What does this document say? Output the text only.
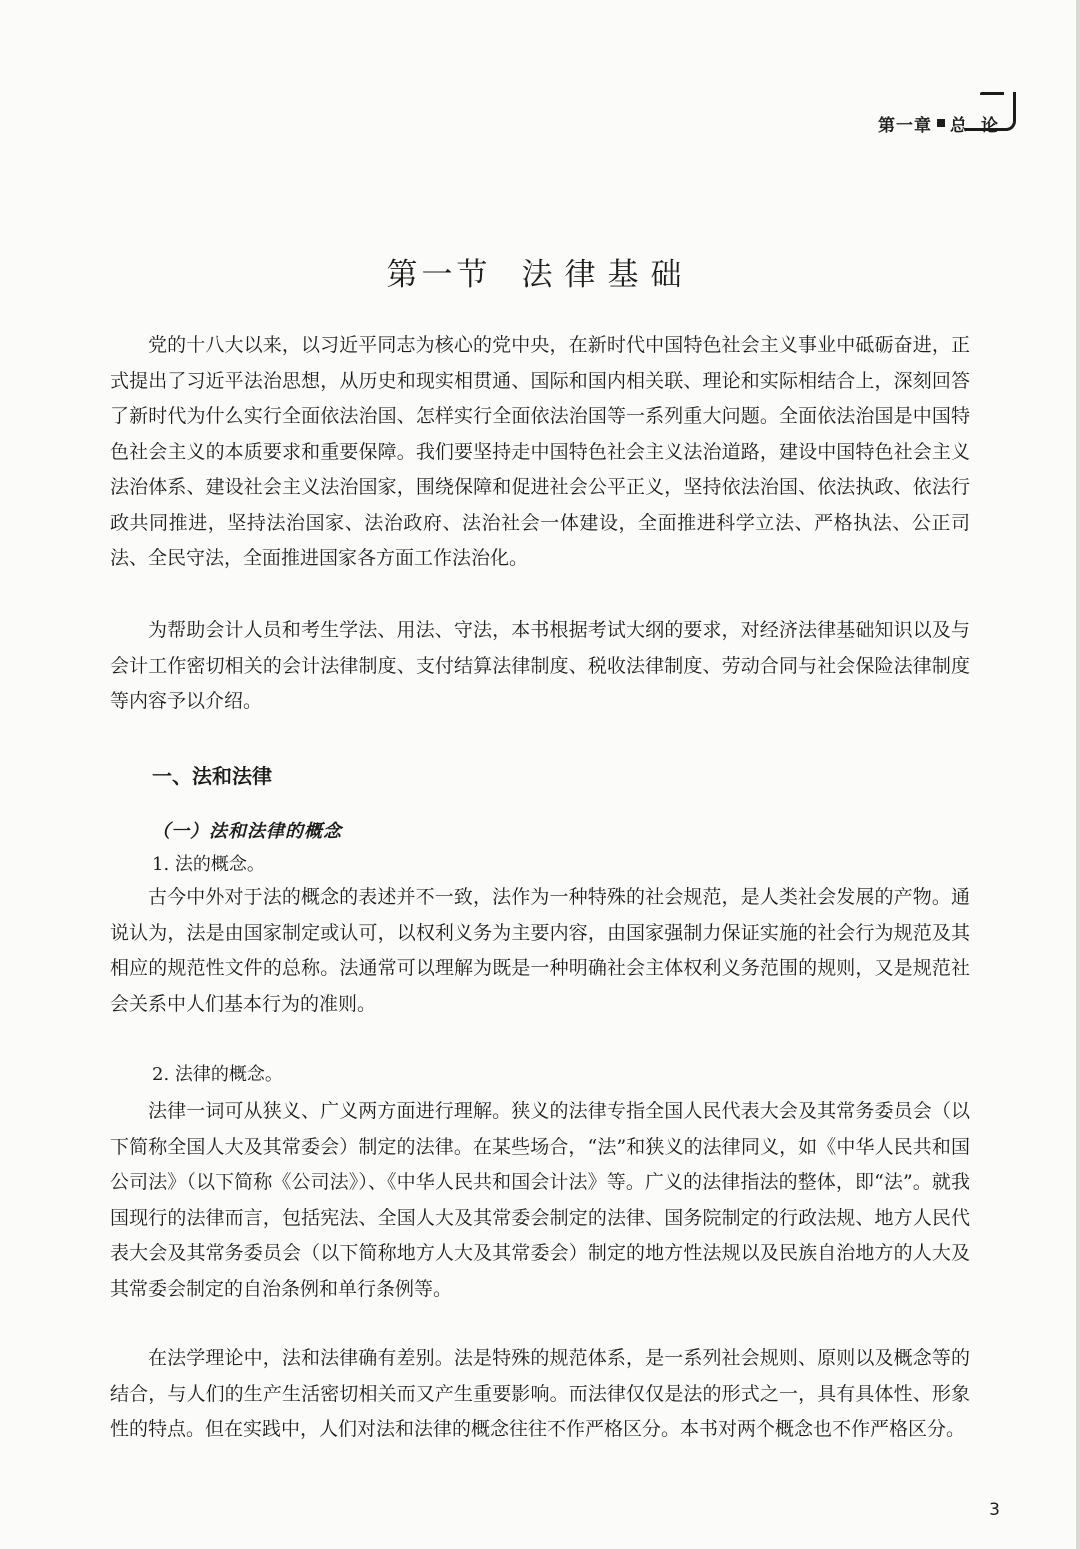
第一章 总论
第一节 法律基础

党的十八大以来，以习近平同志为核心的党中央，在新时代中国特色社会主义事业中砥砺奋进，正式提出了习近平法治思想，从历史和现实相贯通、国际和国内相关联、理论和实际相结合上，深刻回答了新时代为什么实行全面依法治国、怎样实行全面依法治国等一系列重大问题。全面依法治国是中国特色社会主义的本质要求和重要保障。我们要坚持走中国特色社会主义法治道路，建设中国特色社会主义法治体系、建设社会主义法治国家，围绕保障和促进社会公平正义，坚持依法治国、依法执政、依法行政共同推进，坚持法治国家、法治政府、法治社会一体建设，全面推进科学立法、严格执法、公正司法、全民守法，全面推进国家各方面工作法治化。

为帮助会计人员和考生学法、用法、守法，本书根据考试大纲的要求，对经济法律基础知识以及与会计工作密切相关的会计法律制度、支付结算法律制度、税收法律制度、劳动合同与社会保险法律制度等内容予以介绍。

一、法和法律
（一）法和法律的概念

1. 法的概念。

古今中外对于法的概念的表述并不一致，法作为一种特殊的社会规范，是人类社会发展的产物。通说认为，法是由国家制定或认可，以权利义务为主要内容，由国家强制力保证实施的社会行为规范及其相应的规范性文件的总称。法通常可以理解为既是一种明确社会主体权利义务范围的规则，又是规范社会关系中人们基本行为的准则。

2. 法律的概念。

法律一词可从狭义、广义两方面进行理解。狭义的法律专指全国人民代表大会及其常务委员会（以下简称全国人大及其常委会）制定的法律。在某些场合，“法”和狭义的法律同义，如《中华人民共和国公司法》（以下简称《公司法》）、《中华人民共和国会计法》等。广义的法律指法的整体，即“法”。就我国现行的法律而言，包括宪法、全国人大及其常委会制定的法律、国务院制定的行政法规、地方人民代表大会及其常务委员会（以下简称地方人大及其常委会）制定的地方性法规以及民族自治地方的人大及其常委会制定的自治条例和单行条例等。

在法学理论中，法和法律确有差别。法是特殊的规范体系，是一系列社会规则、原则以及概念等的结合，与人们的生产生活密切相关而又产生重要影响。而法律仅仅是法的形式之一，具有具体性、形象性的特点。但在实践中，人们对法和法律的概念往往不作严格区分。本书对两个概念也不作严格区分。

3
